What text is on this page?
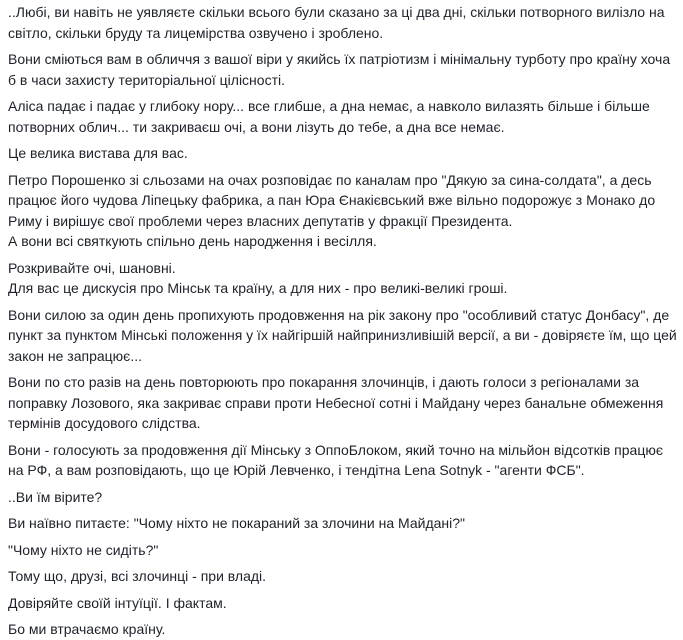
..Любі, ви навіть не уявляєте скільки всього були сказано за ці два дні, скільки потворного вилізло на світло, скільки бруду та лицемірства озвучено і зроблено.

Вони сміються вам в обличчя з вашої віри у якийсь їх патріотизм і мінімальну турботу про країну хоча б в часи захисту територіальної цілісності.

Аліса падає і падає у глибоку нору... все глибше, а дна немає, а навколо вилазять більше і більше потворних облич... ти закриваєш очі, а вони лізуть до тебе, а дна все немає.

Це велика вистава для вас.

Петро Порошенко зі сльозами на очах розповідає по каналам про "Дякую за сина-солдата", а десь працює його чудова Ліпецьку фабрика, а пан Юра Єнакієвський вже вільно подорожує з Монако до Риму і вирішує свої проблеми через власних депутатів у фракції Президента.

А вони всі святкують спільно день народження і весілля.

Розкривайте очі, шановні.
Для вас це дискусія про Мінськ та країну, а для них - про великі-великі гроші.

Вони силою за один день пропихують продовження на рік закону про "особливий статус Донбасу", де пункт за пунктом Мінські положення у їх найгіршій найпринизливішій версії, а ви - довіряєте їм, що цей закон не запрацює...

Вони по сто разів на день повторюють про покарання злочинців, і дають голоси з регіоналами за поправку Лозового, яка закриває справи проти Небесної сотні і Майдану через банальне обмеження термінів досудового слідства.

Вони - голосують за продовження дії Мінську з ОппоБлоком, який точно на мільйон відсотків працює на РФ, а вам розповідають, що це Юрій Левченко, і тендітна Lena Sotnyk - "агенти ФСБ".

..Ви їм вірите?

Ви наївно питаєте: "Чому ніхто не покараний за злочини на Майдані?"

"Чому ніхто не сидіть?"

Тому що, друзі, всі злочинці - при владі.

Довіряйте своїй інтуїції. І фактам.

Бо ми втрачаємо країну.
